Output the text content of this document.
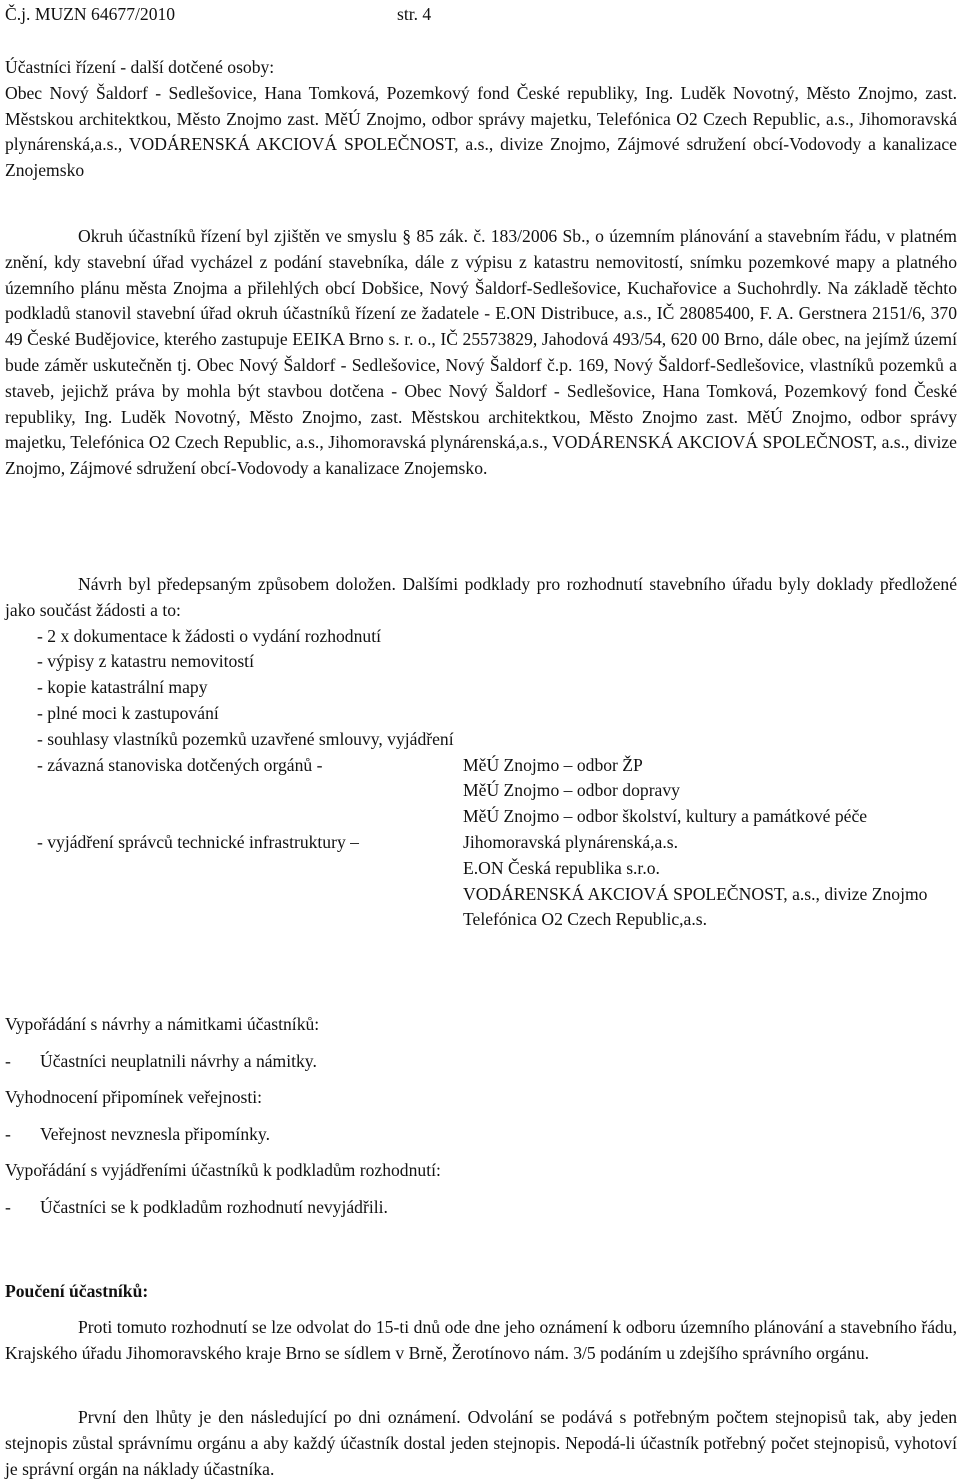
Č.j. MUZN 64677/2010	str. 4
Účastníci řízení - další dotčené osoby:
Obec Nový Šaldorf - Sedlešovice, Hana Tomková, Pozemkový fond České republiky, Ing. Luděk Novotný, Město Znojmo, zast. Městskou architektkou, Město Znojmo zast. MěÚ Znojmo, odbor správy majetku, Telefónica O2 Czech Republic, a.s., Jihomoravská plynárenská,a.s., VODÁRENSKÁ AKCIOVÁ SPOLEČNOST, a.s., divize Znojmo, Zájmové sdružení obcí-Vodovody a kanalizace Znojemsko

Okruh účastníků řízení byl zjištěn ve smyslu § 85 zák. č. 183/2006 Sb., o územním plánování a stavebním řádu, v platném znění, kdy stavební úřad vycházel z podání stavebníka, dále z výpisu z katastru nemovitostí, snímku pozemkové mapy a platného územního plánu města Znojma a přilehlých obcí Dobšice, Nový Šaldorf-Sedlešovice, Kuchařovice a Suchohrdly. Na základě těchto podkladů stanovil stavební úřad okruh účastníků řízení ze žadatele - E.ON Distribuce, a.s., IČ 28085400, F. A. Gerstnera 2151/6, 370 49 České Budějovice, kterého zastupuje EEIKA Brno s. r. o., IČ 25573829, Jahodová 493/54, 620 00 Brno, dále obec, na jejímž území bude záměr uskutečněn tj. Obec Nový Šaldorf - Sedlešovice, Nový Šaldorf č.p. 169, Nový Šaldorf-Sedlešovice, vlastníků pozemků a staveb, jejichž práva by mohla být stavbou dotčena - Obec Nový Šaldorf - Sedlešovice, Hana Tomková, Pozemkový fond České republiky, Ing. Luděk Novotný, Město Znojmo, zast. Městskou architektkou, Město Znojmo zast. MěÚ Znojmo, odbor správy majetku, Telefónica O2 Czech Republic, a.s., Jihomoravská plynárenská,a.s., VODÁRENSKÁ AKCIOVÁ SPOLEČNOST, a.s., divize Znojmo, Zájmové sdružení obcí-Vodovody a kanalizace Znojemsko.

Návrh byl předepsaným způsobem doložen. Dalšími podklady pro rozhodnutí stavebního úřadu byly doklady předložené jako součást žádosti a to:

- 2 x dokumentace k žádosti o vydání rozhodnutí
- výpisy z katastru nemovitostí
- kopie katastrální mapy
- plné moci k zastupování
- souhlasy vlastníků pozemků uzavřené smlouvy, vyjádření
- závazná stanoviska dotčených orgánů -	MěÚ Znojmo – odbor ŽP
MěÚ Znojmo – odbor dopravy
MěÚ Znojmo – odbor školství, kultury a památkové péče
- vyjádření správců technické infrastruktury –	Jihomoravská plynárenská,a.s.
E.ON Česká republika s.r.o.
VODÁRENSKÁ AKCIOVÁ SPOLEČNOST, a.s., divize Znojmo
Telefónica O2 Czech Republic,a.s.
Vypořádání s návrhy a námitkami účastníků:
-	Účastníci neuplatnili návrhy a námitky.
Vyhodnocení připomínek veřejnosti:
-	Veřejnost nevznesla připomínky.
Vypořádání s vyjádřeními účastníků k podkladům rozhodnutí:
-	Účastníci se k podkladům rozhodnutí nevyjádřili.
Poučení účastníků:

Proti tomuto rozhodnutí se lze odvolat do 15-ti dnů ode dne jeho oznámení k odboru územního plánování a stavebního řádu, Krajského úřadu Jihomoravského kraje Brno se sídlem v Brně, Žerotínovo nám. 3/5 podáním u zdejšího správního orgánu.

První den lhůty je den následující po dni oznámení. Odvolání se podává s potřebným počtem stejnopisů tak, aby jeden stejnopis zůstal správnímu orgánu a aby každý účastník dostal jeden stejnopis. Nepodá-li účastník potřebný počet stejnopisů, vyhotoví je správní orgán na náklady účastníka.
